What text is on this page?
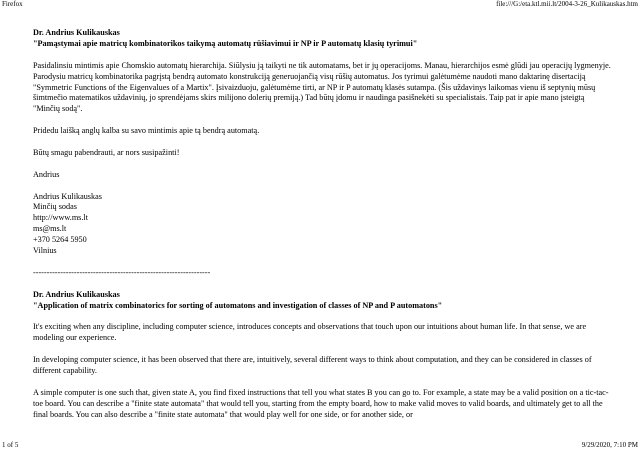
Firefox	file:///G:/eta.ktl.mii.lt/2004-3-26_Kulikauskas.htm
Dr. Andrius Kulikauskas
"Pamąstymai apie matricų kombinatorikos taikymą automatų rūšiavimui ir NP ir P automatų klasių tyrimui"

Pasidalinsiu mintimis apie Chomskio automatų hierarchija. Siūlysiu ją taikyti ne tik automatams, bet ir jų operacijoms. Manau, hierarchijos esmė glūdi jau operacijų lygmenyje. Parodysiu matricų kombinatorika pagrįstą bendrą automato konstrukciją generuojančią visų rūšių automatus. Jos tyrimui galėtumėme naudoti mano daktarinę disertaciją "Symmetric Functions of the Eigenvalues of a Martix". Įsivaizduoju, galėtumėme tirti, ar NP ir P automatų klasės sutampa. (Šis uždavinys laikomas vienu iš septynių mūsų šimtmečio matematikos uždavinių, jo sprendėjams skirs milijono dolerių premiją.) Tad būtų įdomu ir naudinga pasišnekėti su specialistais. Taip pat ir apie mano įsteigtą "Minčių sodą".

Pridedu laišką anglų kalba su savo mintimis apie tą bendrą automatą.

Būtų smagu pabendrauti, ar nors susipažinti!

Andrius

Andrius Kulikauskas
Minčių sodas
http://www.ms.lt
ms@ms.lt
+370 5264 5950
Vilnius
-----------------------------------------------------------------
Dr. Andrius Kulikauskas
"Application of matrix combinatorics for sorting of automatons and investigation of classes of NP and P automatons"

It's exciting when any discipline, including computer science, introduces concepts and observations that touch upon our intuitions about human life. In that sense, we are modeling our experience.

In developing computer science, it has been observed that there are, intuitively, several different ways to think about computation, and they can be considered in classes of different capability.

A simple computer is one such that, given state A, you find fixed instructions that tell you what states B you can go to. For example, a state may be a valid position on a tic-tac-toe board. You can describe a "finite state automata" that would tell you, starting from the empty board, how to make valid moves to valid boards, and ultimately get to all the final boards. You can also describe a "finite state automata" that would play well for one side, or for another side, or

1 of 5	9/29/2020, 7:10 PM
